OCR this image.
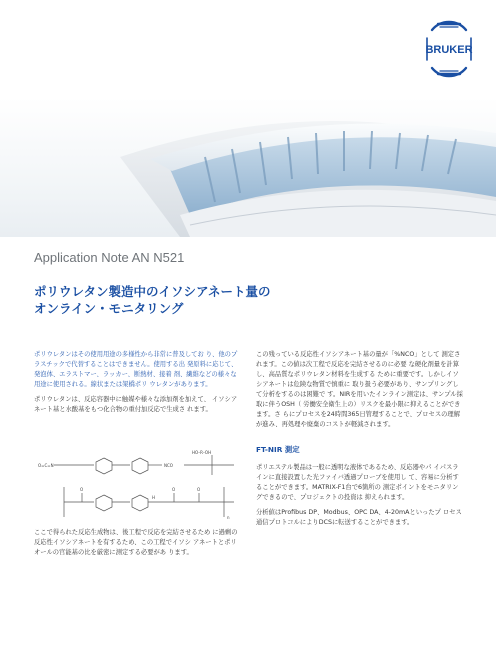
BRUKER
Application Note AN N521
ポリウレタン製造中のイソシアネート量の
オンライン・モニタリング

ポリウレタンはその使用用途の多様性から非常に普及してお り、他のプラスチックで代替することはできません。使用する出 発原料に応じて、発泡体、エラストマー、ラッカー、断熱材、接着 剤、繊維などの様々な用途に使用される。線状または架橋ポリ ウレタンがあります。

ポリウレタンは、反応容器中に触媒や様々な添加剤を加えて、 イソシアネート基と水酸基をもつ化合物の重付加反応で生成さ れます。

O=C=N	NCO
HO–R–OH
O	O	O
H
n

ここで得られた反応生成物は、後工程で反応を完結させるため に過剰の反応性イソシアネートを有するため、この工程でイソシ アネートとポリオールの官能基の比を厳密に測定する必要があ ります。

この残っている反応性イソシアネート基の量が「%NCO」として 測定されます。この値は次工程で反応を完結させるのに必要 な硬化剤量を計算し、高品質なポリウレタン材料を生成する ために重要です。しかしイソシアネートは危険な物質で慎重に 取り扱う必要があり、サンプリングして分析をするのは困難で す。NIRを用いたインライン測定は、サンプル採取に伴うOSH（ 労働安全衛生上の）リスクを最小限に抑えることができます。さ らにプロセスを24時間365日管理することで、プロセスの理解 が進み、再処理や廃棄のコストが軽減されます。

FT-NIR 測定

ポリエステル製品は一般に透明な液体であるため、反応器やパ イパスラインに直接設置した光ファイバ透過プローブを使用し て、容易に分析することができます。MATRIX-F1台で6箇所の 測定ポイントをモニタリングできるので、プロジェクトの投資は 抑えられます。

分析値はProfibus DP、Modbus、OPC DA、4-20mAといったプ ロセス通信プロトコルによりDCSに転送することができます。
